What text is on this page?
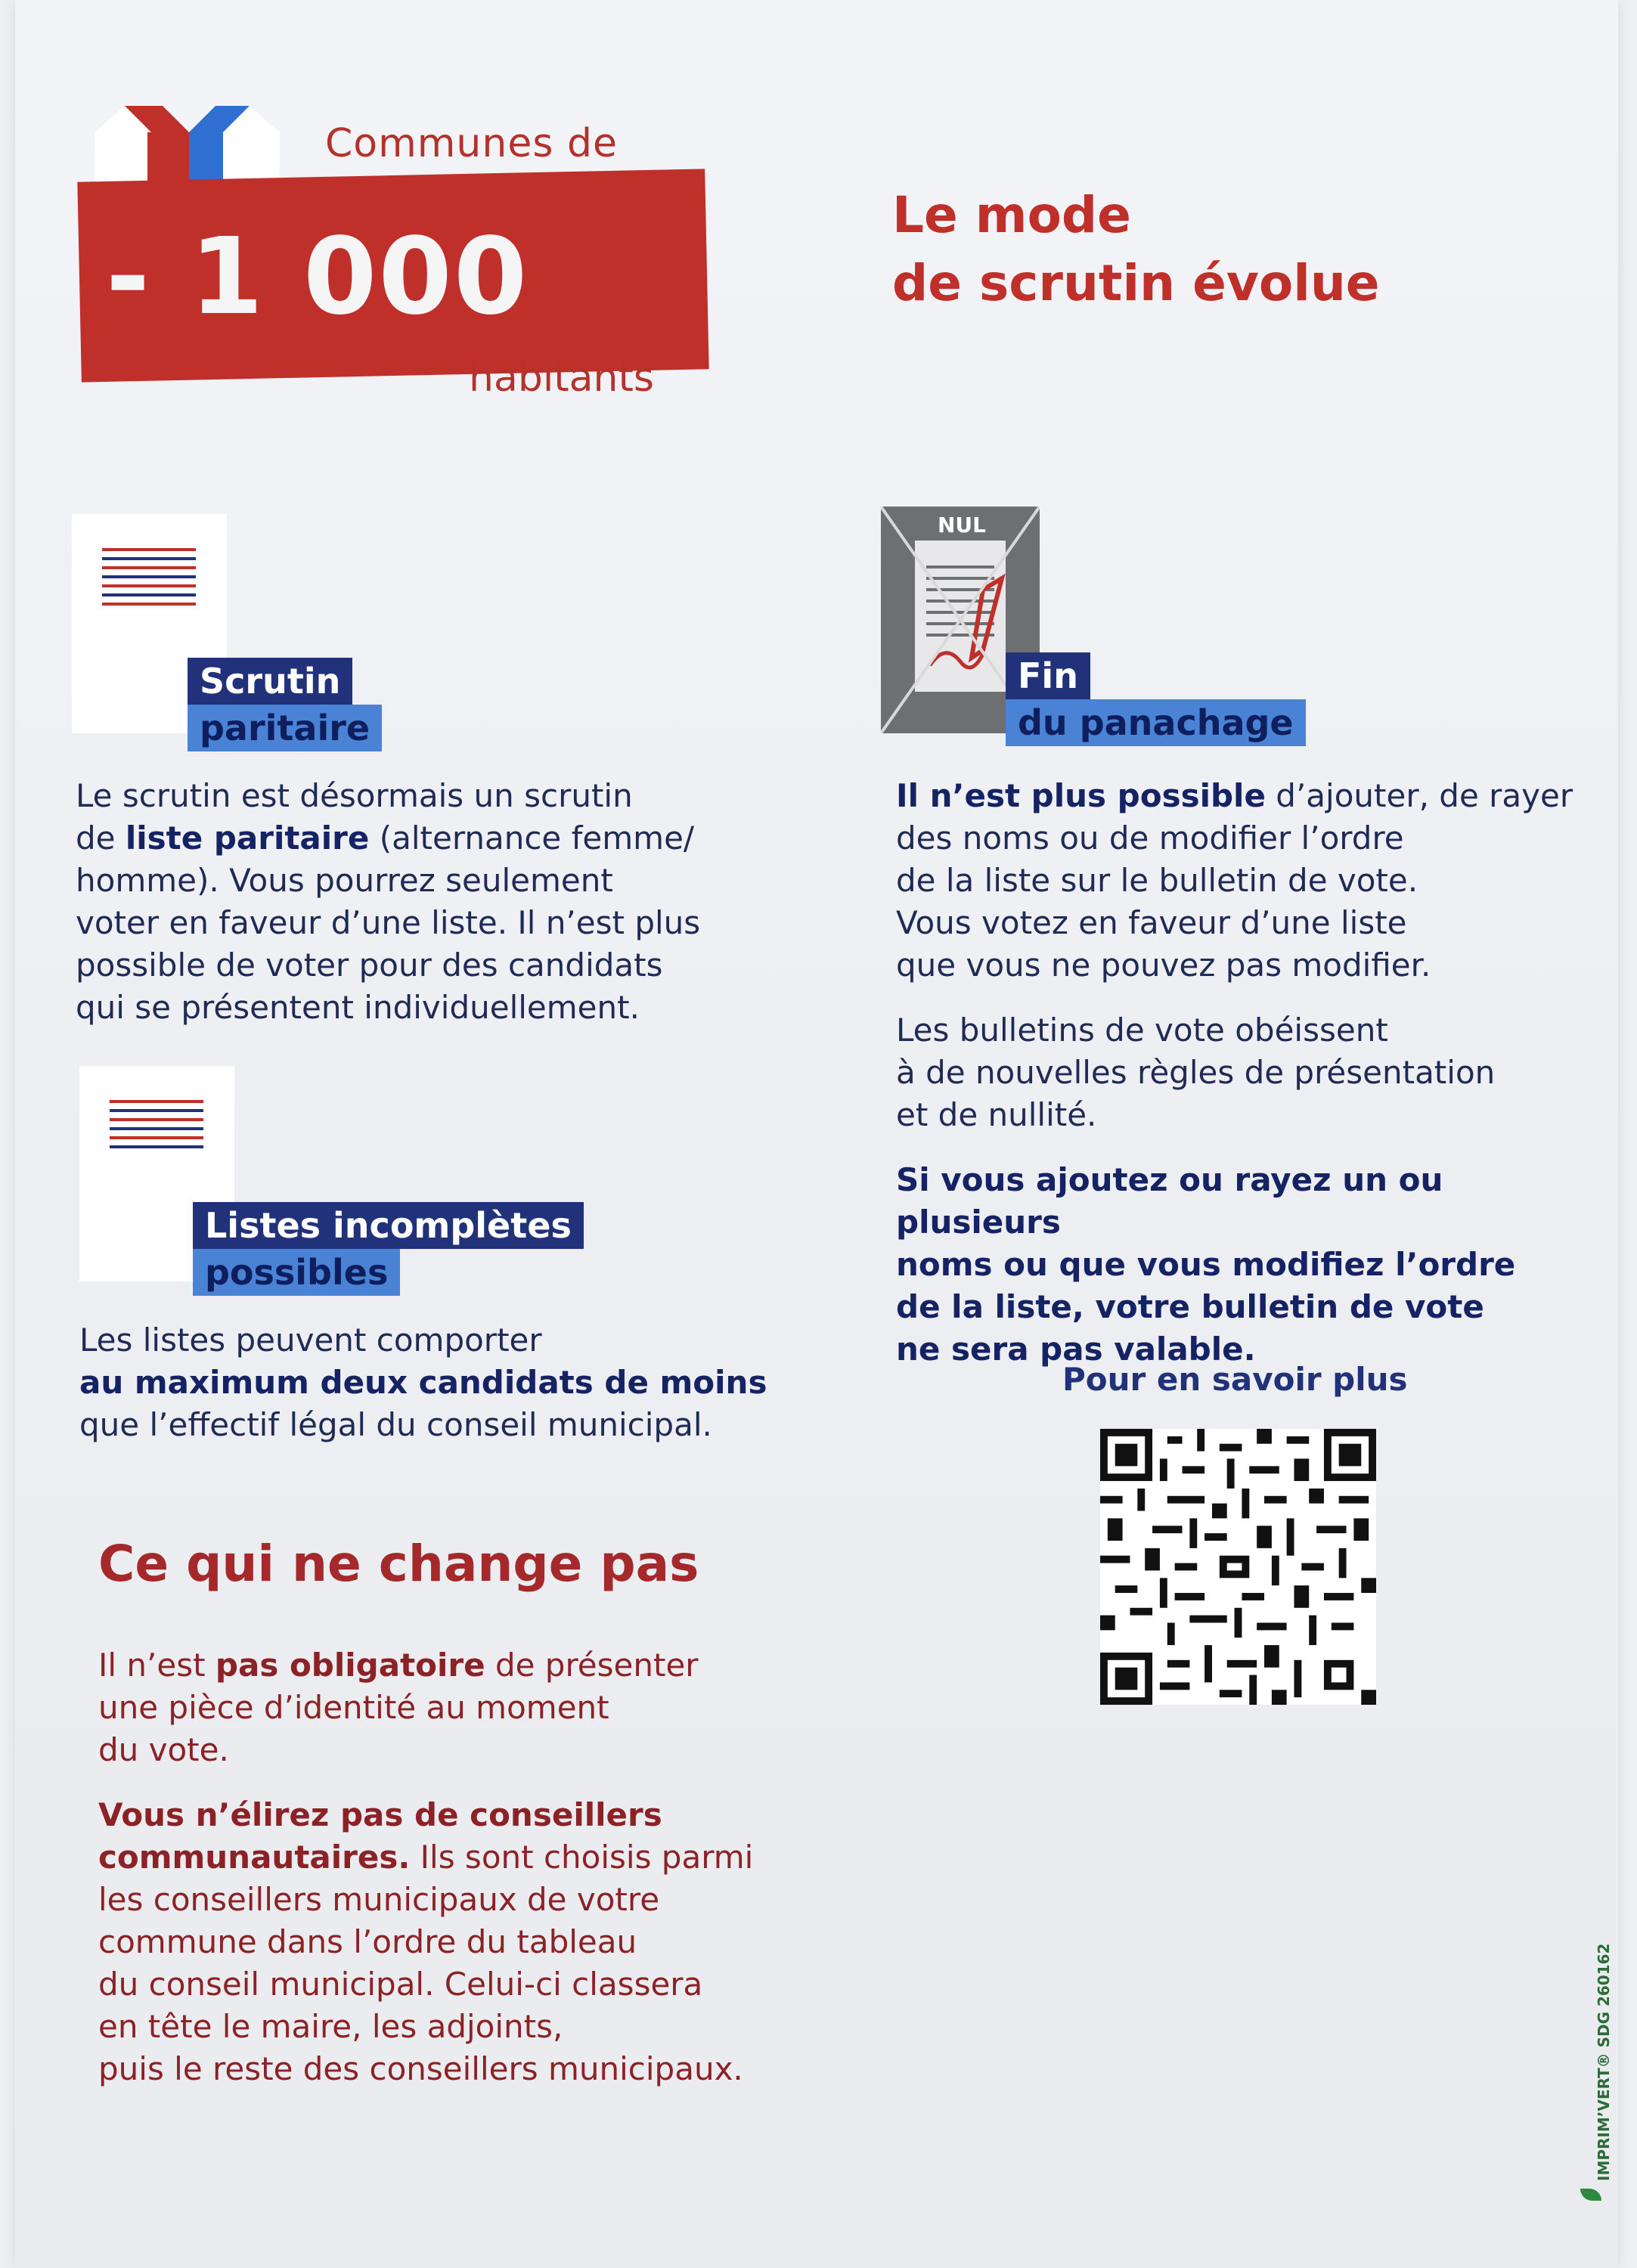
Communes de
- 1 000
habitants
Le mode
de scrutin évolue
Scrutin
paritaire
Le scrutin est désormais un scrutin
de liste paritaire (alternance femme/
homme). Vous pourrez seulement
voter en faveur d’une liste. Il n’est plus
possible de voter pour des candidats
qui se présentent individuellement.
Listes incomplètes
possibles
Les listes peuvent comporter
au maximum deux candidats de moins
que l’effectif légal du conseil municipal.
NUL
Fin
du panachage
Il n’est plus possible d’ajouter, de rayer
des noms ou de modifier l’ordre
de la liste sur le bulletin de vote.
Vous votez en faveur d’une liste
que vous ne pouvez pas modifier.
Les bulletins de vote obéissent
à de nouvelles règles de présentation
et de nullité.
Si vous ajoutez ou rayez un ou plusieurs
noms ou que vous modifiez l’ordre
de la liste, votre bulletin de vote
ne sera pas valable.
Pour en savoir plus
Ce qui ne change pas
Il n’est pas obligatoire de présenter
une pièce d’identité au moment
du vote.
Vous n’élirez pas de conseillers
communautaires. Ils sont choisis parmi
les conseillers municipaux de votre
commune dans l’ordre du tableau
du conseil municipal. Celui-ci classera
en tête le maire, les adjoints,
puis le reste des conseillers municipaux.	IMPRIM’VERT® SDG 260162
